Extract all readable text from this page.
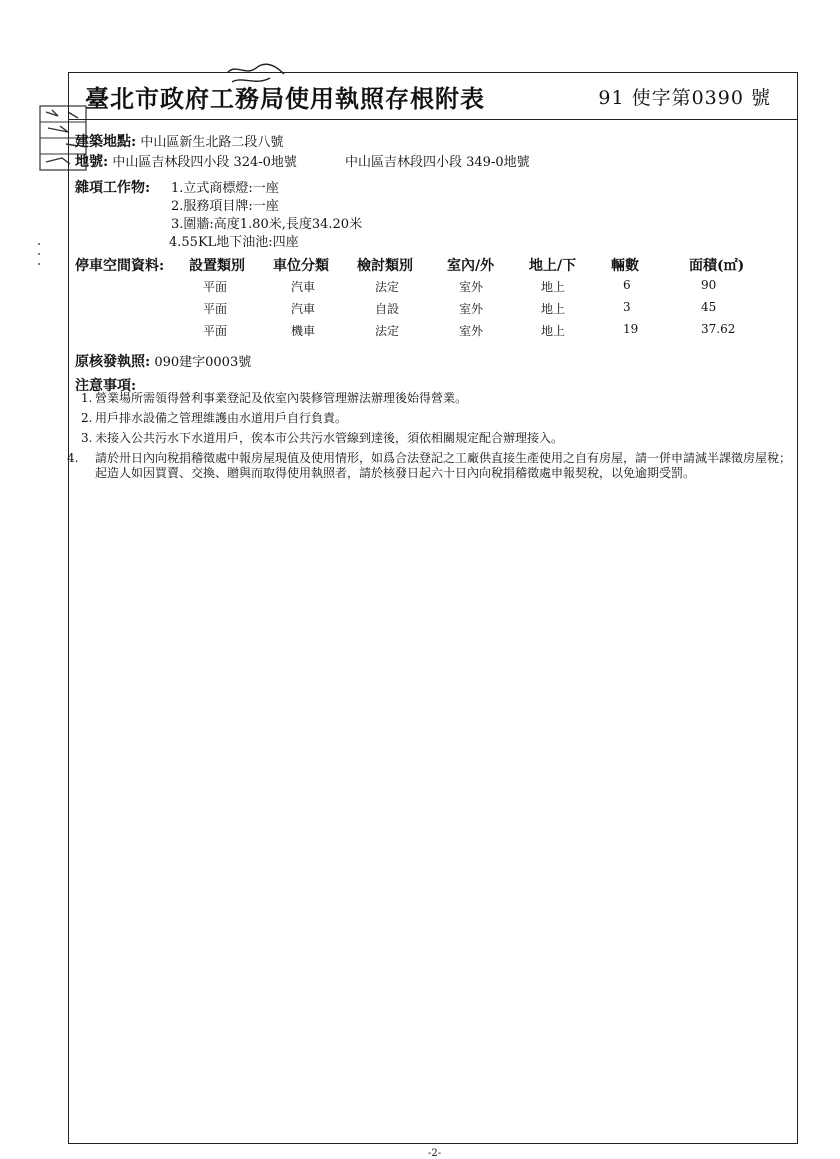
臺北市政府工務局使用執照存根附表	91 使字第0390 號
建築地點: 中山區新生北路二段八號
地號: 中山區吉林段四小段 324-0地號	中山區吉林段四小段 349-0地號
雜項工作物: 1.立式商標燈:一座
2.服務項目牌:一座
3.圍牆:高度1.80米,長度34.20米
4.55KL地下油池:四座
停車空間資料: 設置類別 車位分類 檢討類別 室內/外 地上/下 輛數	面積(㎡)
平面	汽車	法定	室外	地上	6	90
平面	汽車	自設	室外	地上	3	45
平面	機車	法定	室外	地上	19	37.62
原核發執照: 090建字0003號
注意事項:
1. 營業場所需領得營利事業登記及依室內裝修管理辦法辦理後始得營業。
2. 用戶排水設備之管理維護由水道用戶自行負責。
3. 未接入公共污水下水道用戶，俟本市公共污水管線到達後，須依相關規定配合辦理接入。
4. 請於卅日內向稅捐稽徵處中報房屋現值及使用情形，如爲合法登記之工廠供直接生產使用之自有房屋，請一併申請減半課徵房屋稅；起造人如因買賣、交換、贈與而取得使用執照者，請於核發日起六十日內向稅捐稽徵處申報契稅，以免逾期受罰。
-2-
